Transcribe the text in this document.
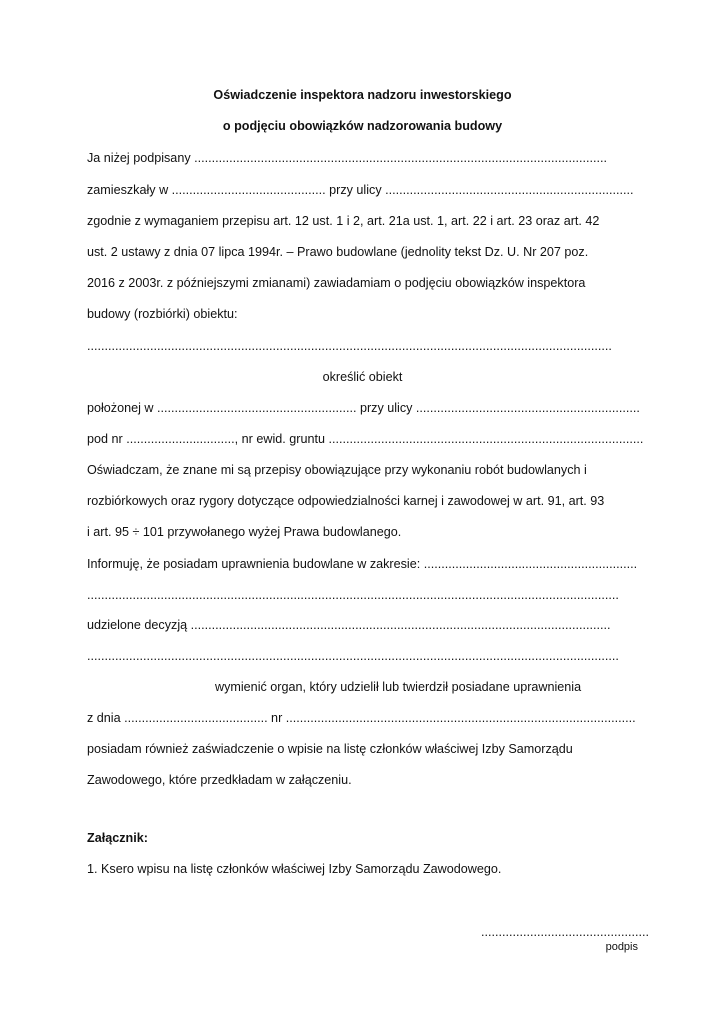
Oświadczenie inspektora nadzoru inwestorskiego

o podjęciu obowiązków nadzorowania budowy

Ja niżej podpisany ......................................................................................................................

zamieszkały w ............................................ przy ulicy .......................................................................

zgodnie z wymaganiem przepisu art. 12 ust. 1 i 2, art. 21a ust. 1, art. 22 i art. 23 oraz art. 42

ust. 2 ustawy z dnia 07 lipca 1994r. – Prawo budowlane (jednolity tekst Dz. U. Nr 207 poz.

2016 z 2003r. z późniejszymi zmianami) zawiadamiam o podjęciu obowiązków inspektora

budowy (rozbiórki) obiektu:

......................................................................................................................................................

określić obiekt

położonej w ......................................................... przy ulicy ................................................................

pod nr ..............................., nr ewid. gruntu ..........................................................................................

Oświadczam, że znane mi są przepisy obowiązujące przy wykonaniu robót budowlanych i

rozbiórkowych oraz rygory dotyczące odpowiedzialności karnej i zawodowej w art. 91, art. 93

i art. 95 ÷ 101 przywołanego wyżej Prawa budowlanego.

Informuję, że posiadam uprawnienia budowlane w zakresie: .............................................................

........................................................................................................................................................

udzielone decyzją ........................................................................................................................

........................................................................................................................................................

wymienić organ, który udzielił lub twierdził posiadane uprawnienia

z dnia ......................................... nr ....................................................................................................

posiadam również zaświadczenie o wpisie na listę członków właściwej Izby Samorządu

Zawodowego, które przedkładam w załączeniu.

Załącznik:

1. Ksero wpisu na listę członków właściwej Izby Samorządu Zawodowego.

................................................

podpis
